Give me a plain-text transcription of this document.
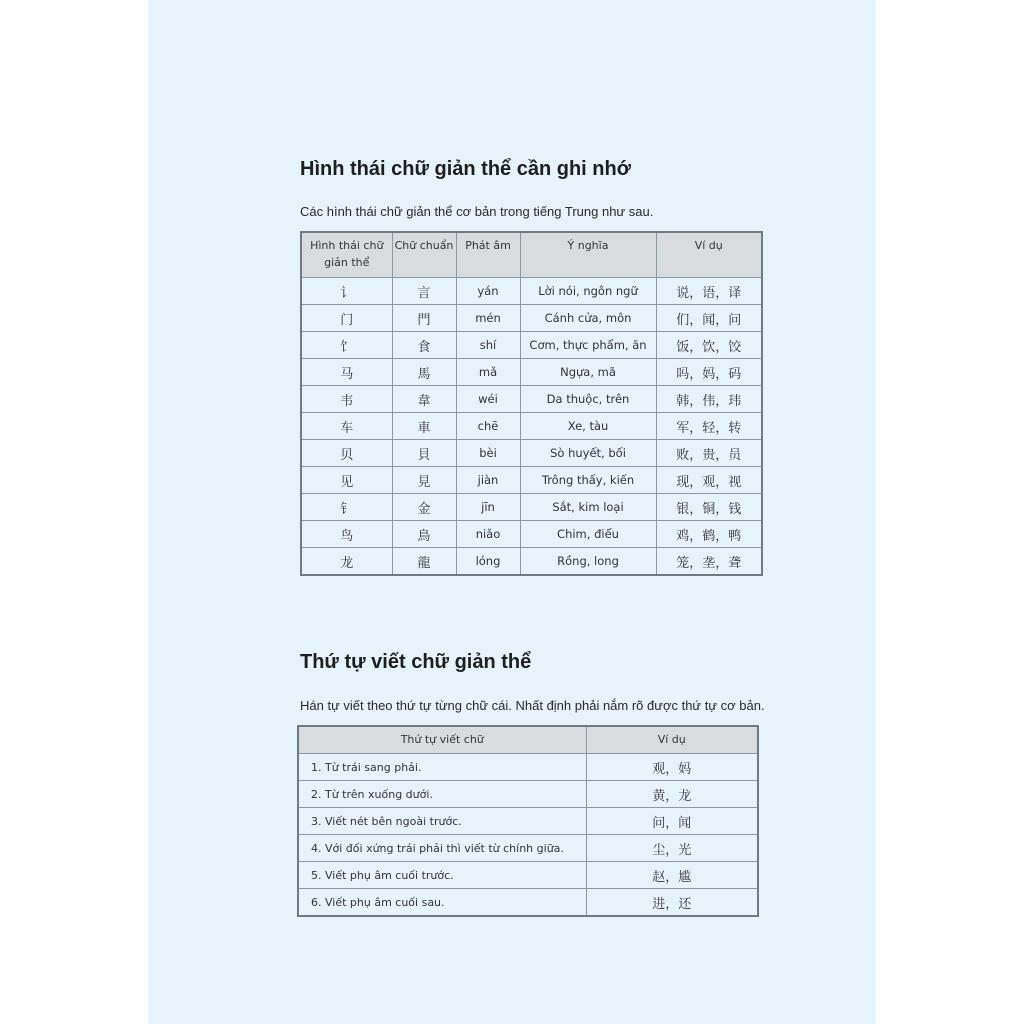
Hình thái chữ giản thể cần ghi nhớ

Các hình thái chữ giản thể cơ bản trong tiếng Trung như sau.

Hình thái chữ giản thể	Chữ chuẩn	Phát âm	Ý nghĩa	Ví dụ
讠	言	yán	Lời nói, ngôn ngữ	说，语，译
门	門	mén	Cánh cửa, môn	们，闻，问
饣	食	shí	Cơm, thực phẩm, ăn	饭，饮，饺
马	馬	mǎ	Ngựa, mã	吗，妈，码
韦	韋	wéi	Da thuộc, trên	韩，伟，玮
车	車	chē	Xe, tàu	军，轻，转
贝	貝	bèi	Sò huyết, bối	败，贵，员
见	見	jiàn	Trông thấy, kiến	现，观，视
钅	金	jīn	Sắt, kim loại	银，铜，钱
鸟	鳥	niǎo	Chim, điểu	鸡，鹤，鸭
龙	龍	lóng	Rồng, long	笼，垄，聋
Thứ tự viết chữ giản thể

Hán tự viết theo thứ tự từng chữ cái. Nhất định phải nắm rõ được thứ tự cơ bản.

Thứ tự viết chữ	Ví dụ
1. Từ trái sang phải.	观，妈
2. Từ trên xuống dưới.	黄，龙
3. Viết nét bên ngoài trước.	问，闻
4. Với đối xứng trái phải thì viết từ chính giữa.	尘，光
5. Viết phụ âm cuối trước.	赵，尴
6. Viết phụ âm cuối sau.	进，还
